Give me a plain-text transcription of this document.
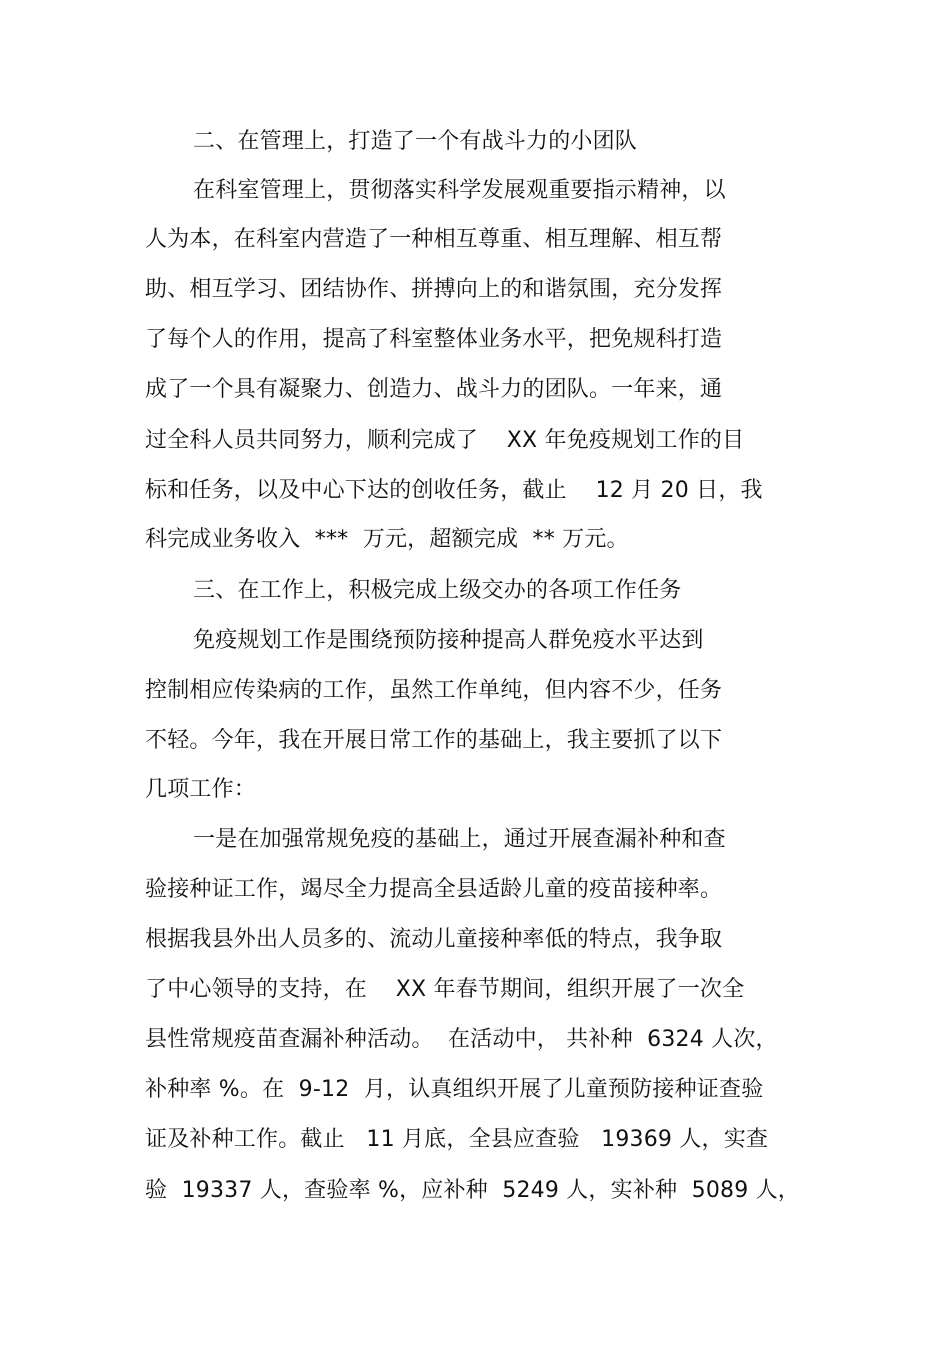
二、在管理上，打造了一个有战斗力的小团队
在科室管理上，贯彻落实科学发展观重要指示精神，以
人为本，在科室内营造了一种相互尊重、相互理解、相互帮
助、相互学习、团结协作、拼搏向上的和谐氛围，充分发挥
了每个人的作用，提高了科室整体业务水平，把免规科打造
成了一个具有凝聚力、创造力、战斗力的团队。一年来，通
过全科人员共同努力，顺利完成了    XX 年免疫规划工作的目
标和任务，以及中心下达的创收任务，截止    12 月 20 日，我
科完成业务收入  ***  万元，超额完成  ** 万元。
三、在工作上，积极完成上级交办的各项工作任务
免疫规划工作是围绕预防接种提高人群免疫水平达到
控制相应传染病的工作，虽然工作单纯，但内容不少，任务
不轻。今年，我在开展日常工作的基础上，我主要抓了以下
几项工作：
一是在加强常规免疫的基础上，通过开展查漏补种和查
验接种证工作，竭尽全力提高全县适龄儿童的疫苗接种率。
根据我县外出人员多的、流动儿童接种率低的特点，我争取
了中心领导的支持，在    XX 年春节期间，组织开展了一次全
县性常规疫苗查漏补种活动。  在活动中， 共补种  6324 人次，
补种率 %。在  9-12  月，认真组织开展了儿童预防接种证查验
证及补种工作。截止   11 月底，全县应查验   19369 人，实查
验  19337 人，查验率 %，应补种  5249 人，实补种  5089 人，
